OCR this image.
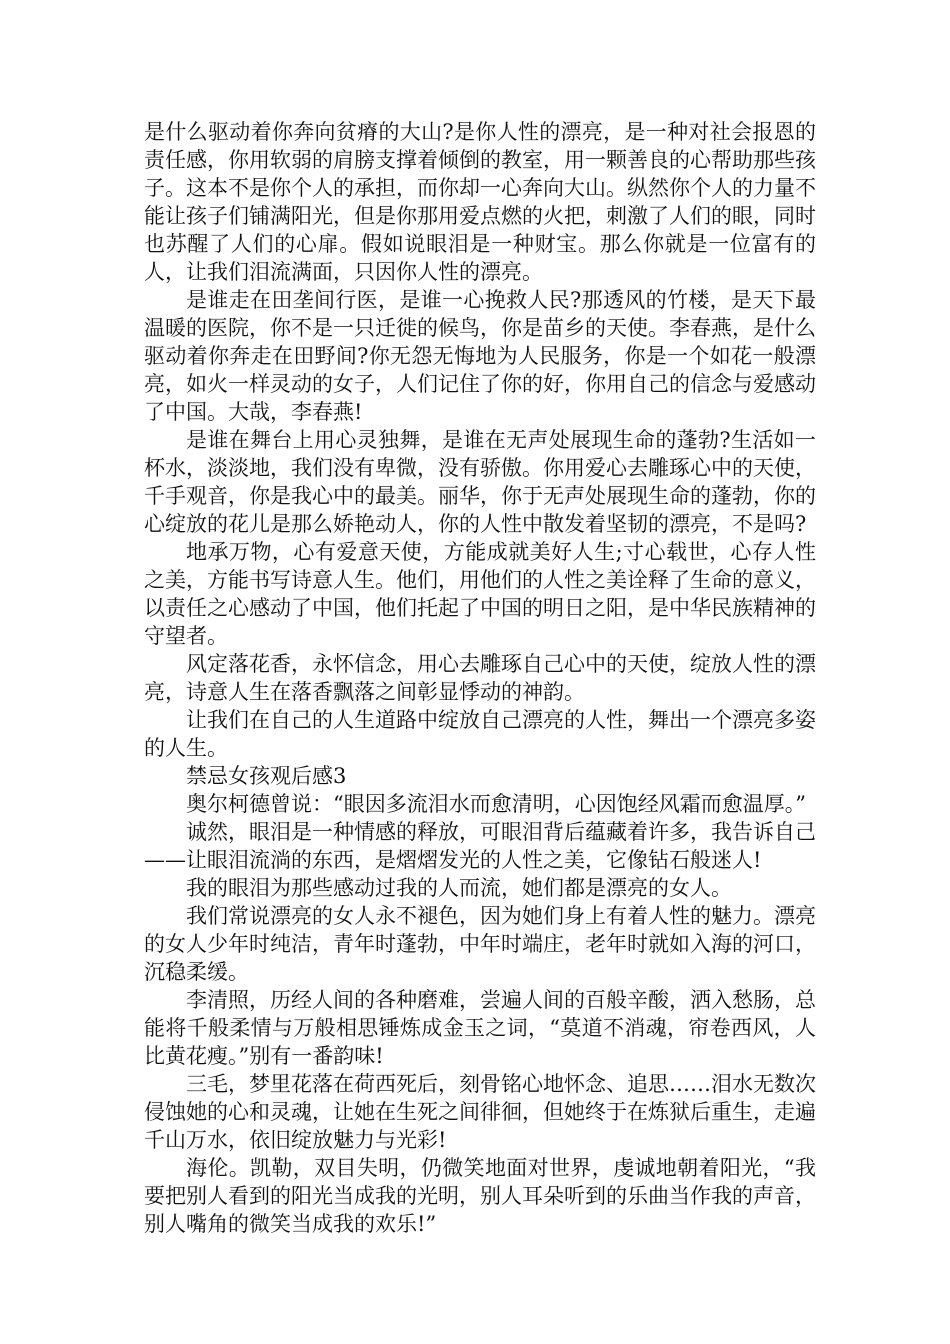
是什么驱动着你奔向贫瘠的大山?是你人性的漂亮，是一种对社会报恩的责任感，你用软弱的肩膀支撑着倾倒的教室，用一颗善良的心帮助那些孩子。这本不是你个人的承担，而你却一心奔向大山。纵然你个人的力量不能让孩子们铺满阳光，但是你那用爱点燃的火把，刺激了人们的眼，同时也苏醒了人们的心扉。假如说眼泪是一种财宝。那么你就是一位富有的人，让我们泪流满面，只因你人性的漂亮。

是谁走在田垄间行医，是谁一心挽救人民?那透风的竹楼，是天下最温暖的医院，你不是一只迁徙的候鸟，你是苗乡的天使。李春燕，是什么驱动着你奔走在田野间?你无怨无悔地为人民服务，你是一个如花一般漂亮，如火一样灵动的女子，人们记住了你的好，你用自己的信念与爱感动了中国。大哉，李春燕!

是谁在舞台上用心灵独舞，是谁在无声处展现生命的蓬勃?生活如一杯水，淡淡地，我们没有卑微，没有骄傲。你用爱心去雕琢心中的天使，千手观音，你是我心中的最美。丽华，你于无声处展现生命的蓬勃，你的心绽放的花儿是那么娇艳动人，你的人性中散发着坚韧的漂亮，不是吗?

地承万物，心有爱意天使，方能成就美好人生;寸心载世，心存人性之美，方能书写诗意人生。他们，用他们的人性之美诠释了生命的意义，以责任之心感动了中国，他们托起了中国的明日之阳，是中华民族精神的守望者。

风定落花香，永怀信念，用心去雕琢自己心中的天使，绽放人性的漂亮，诗意人生在落香飘落之间彰显悸动的神韵。

让我们在自己的人生道路中绽放自己漂亮的人性，舞出一个漂亮多姿的人生。

禁忌女孩观后感3

奥尔柯德曾说：“眼因多流泪水而愈清明，心因饱经风霜而愈温厚。”

诚然，眼泪是一种情感的释放，可眼泪背后蕴藏着许多，我告诉自己——让眼泪流淌的东西，是熠熠发光的人性之美，它像钻石般迷人!

我的眼泪为那些感动过我的人而流，她们都是漂亮的女人。

我们常说漂亮的女人永不褪色，因为她们身上有着人性的魅力。漂亮的女人少年时纯洁，青年时蓬勃，中年时端庄，老年时就如入海的河口，沉稳柔缓。

李清照，历经人间的各种磨难，尝遍人间的百般辛酸，洒入愁肠，总能将千般柔情与万般相思锤炼成金玉之词，“莫道不消魂，帘卷西风，人比黄花瘦。”别有一番韵味!

三毛，梦里花落在荷西死后，刻骨铭心地怀念、追思……泪水无数次侵蚀她的心和灵魂，让她在生死之间徘徊，但她终于在炼狱后重生，走遍千山万水，依旧绽放魅力与光彩!

海伦。凯勒，双目失明，仍微笑地面对世界，虔诚地朝着阳光，“我要把别人看到的阳光当成我的光明，别人耳朵听到的乐曲当作我的声音，别人嘴角的微笑当成我的欢乐!”
